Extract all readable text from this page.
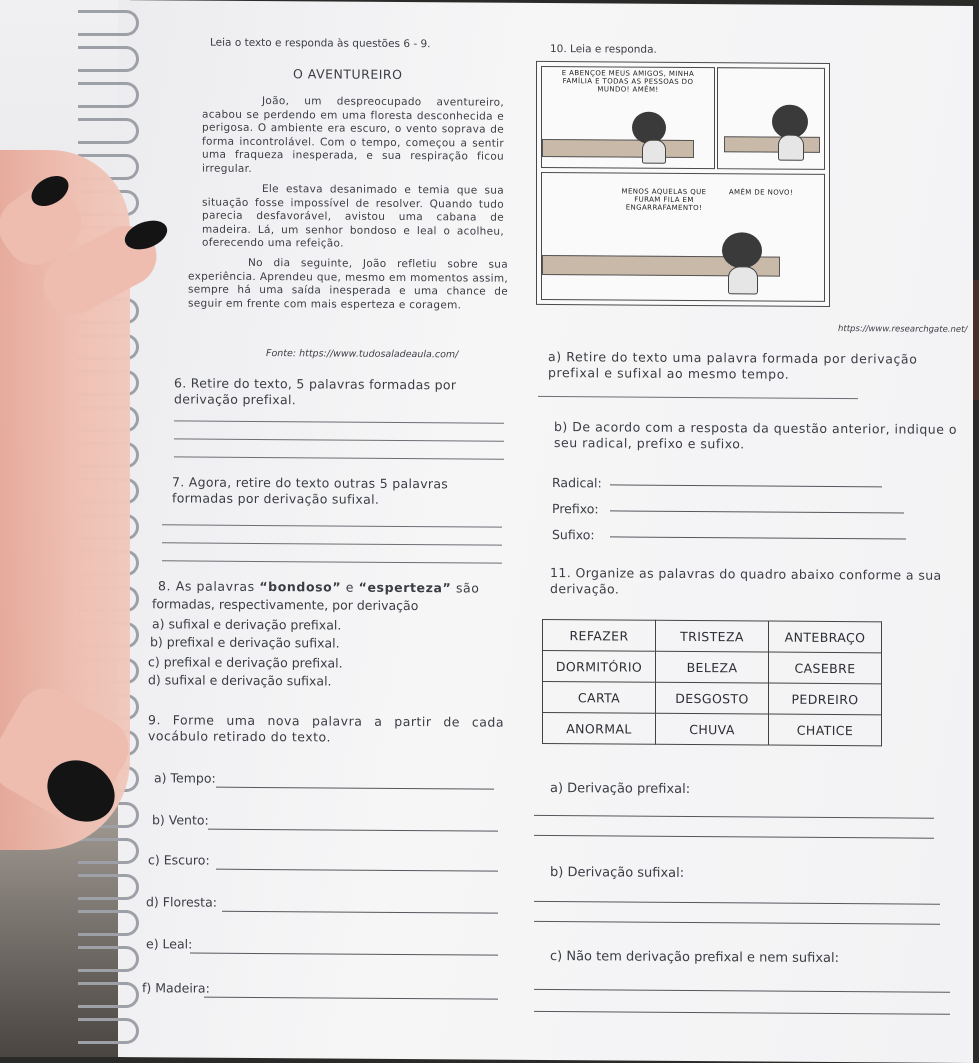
Leia o texto e responda às questões 6 - 9.
O AVENTUREIRO
João, um despreocupado aventureiro, acabou se perdendo em uma floresta desconhecida e perigosa. O ambiente era escuro, o vento soprava de forma incontrolável. Com o tempo, começou a sentir uma fraqueza inesperada, e sua respiração ficou irregular.
Ele estava desanimado e temia que sua situação fosse impossível de resolver. Quando tudo parecia desfavorável, avistou uma cabana de madeira. Lá, um senhor bondoso e leal o acolheu, oferecendo uma refeição.
No dia seguinte, João refletiu sobre sua experiência. Aprendeu que, mesmo em momentos assim, sempre há uma saída inesperada e uma chance de seguir em frente com mais esperteza e coragem.
Fonte: https://www.tudosaladeaula.com/
6. Retire do texto, 5 palavras formadas por derivação prefixal.
7. Agora, retire do texto outras 5 palavras formadas por derivação sufixal.
8. As palavras “bondoso” e “esperteza” são
formadas, respectivamente, por derivação
a) sufixal e derivação prefixal.
b) prefixal e derivação sufixal.
c) prefixal e derivação prefixal.
d) sufixal e derivação sufixal.
9. Forme uma nova palavra a partir de cada vocábulo retirado do texto.
a) Tempo:
b) Vento:
c) Escuro:
d) Floresta:
e) Leal:
f) Madeira:
10. Leia e responda.
E ABENÇOE MEUS AMIGOS, MINHA FAMÍLIA E TODAS AS PESSOAS DO MUNDO! AMÉM!
MENOS AQUELAS QUE FURAM FILA EM ENGARRAFAMENTO!
AMÉM DE NOVO!
https://www.researchgate.net/
a) Retire do texto uma palavra formada por derivação prefixal e sufixal ao mesmo tempo.
b) De acordo com a resposta da questão anterior, indique o seu radical, prefixo e sufixo.
Radical:
Prefixo:
Sufixo:
11. Organize as palavras do quadro abaixo conforme a sua derivação.
REFAZER	TRISTEZA	ANTEBRAÇO
DORMITÓRIO	BELEZA	CASEBRE
CARTA	DESGOSTO	PEDREIRO
ANORMAL	CHUVA	CHATICE
a) Derivação prefixal:
b) Derivação sufixal:
c) Não tem derivação prefixal e nem sufixal:
